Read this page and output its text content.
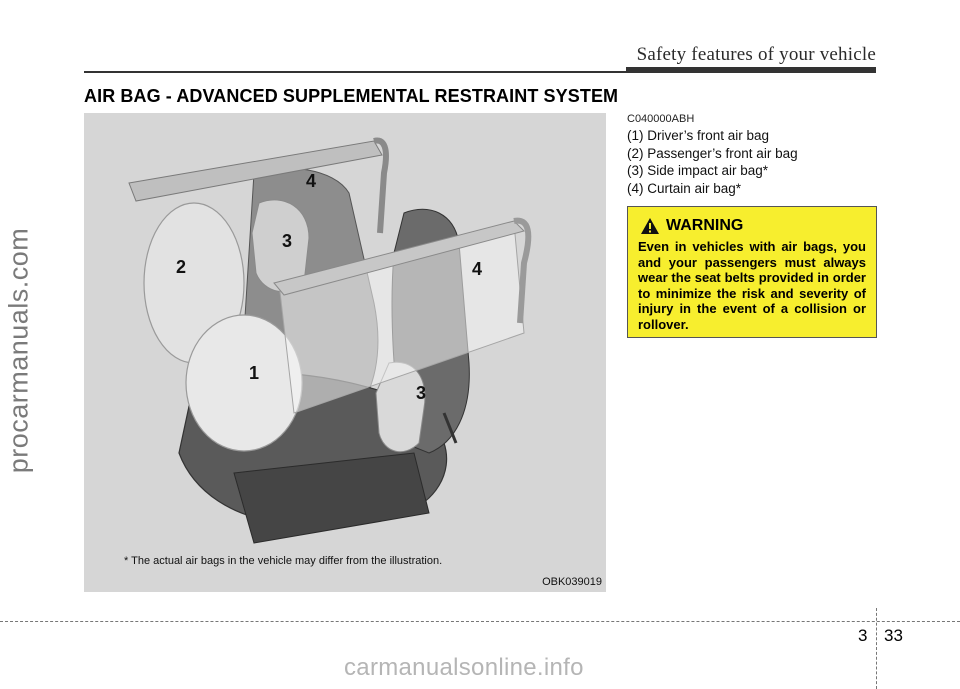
Safety features of your vehicle
AIR BAG - ADVANCED SUPPLEMENTAL RESTRAINT SYSTEM
1
2
3
4
3
4
* The actual air bags in the vehicle may differ from the illustration.
OBK039019
C040000ABH
(1) Driver’s front air bag
(2) Passenger’s front air bag
(3) Side impact air bag*
(4) Curtain air bag*
WARNING
Even in vehicles with air bags, you and your passengers must always wear the seat belts provided in order to minimize the risk and severity of injury in the event of a collision or rollover.
procarmanuals.com
3 33
carmanualsonline.info
